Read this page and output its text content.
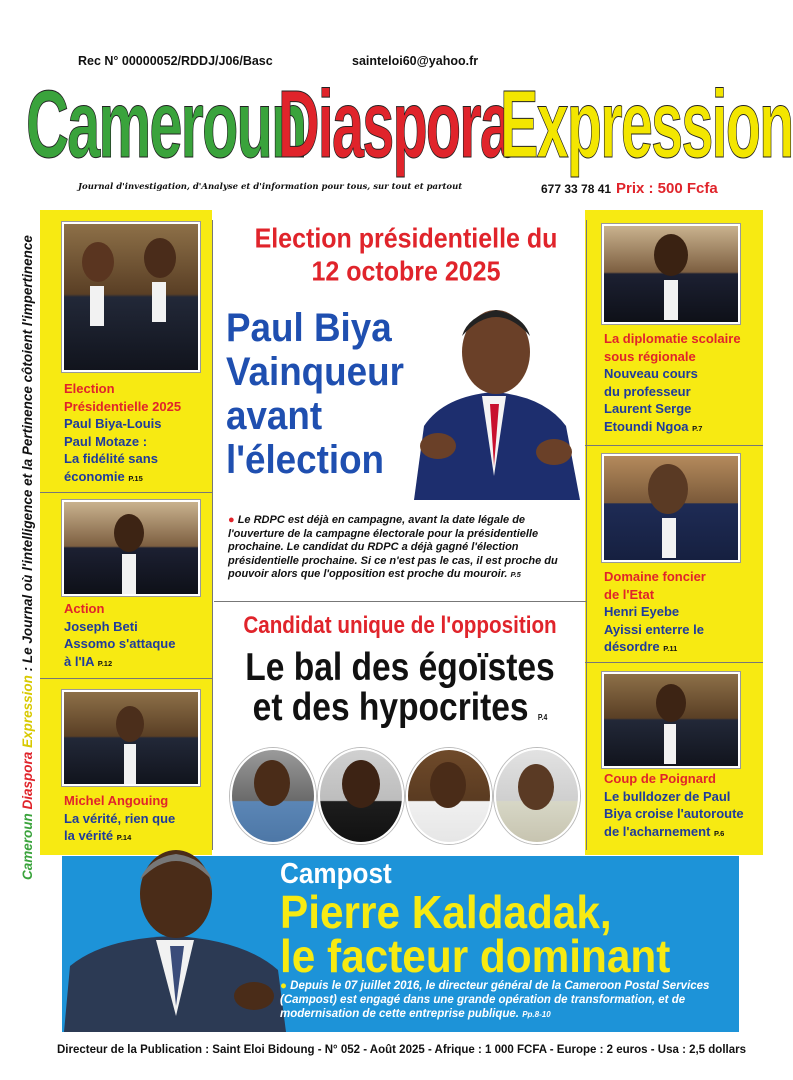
Rec N° 00000052/RDDJ/J06/Basc	sainteloi60@yahoo.fr
Cameroun
Diaspora
Expression
Journal d'investigation, d'Analyse et d'information pour tous, sur tout et partout	677 33 78 41 Prix : 500 Fcfa
Cameroun Diaspora Expression : Le Journal où l'intelligence et la Pertinence côtoient l'impertinence Election
Présidentielle 2025
Paul Biya-Louis
Paul Motaze :
La fidélité sans
économie P.15
Action
Joseph Beti
Assomo s'attaque
à l'IA P.12
Michel Angouing
La vérité, rien que
la vérité P.14
La diplomatie scolaire
sous régionale
Nouveau cours
du professeur
Laurent Serge
Etoundi Ngoa P.7
Domaine foncier
de l'Etat
Henri Eyebe
Ayissi enterre le
désordre P.11
Coup de Poignard
Le bulldozer de Paul
Biya croise l'autoroute
de l'acharnement P.6
Election présidentielle du
12 octobre 2025
Paul Biya
Vainqueur
avant
l'élection
● Le RDPC est déjà en campagne, avant la date légale de l'ouverture de la campagne électorale pour la présidentielle prochaine. Le candidat du RDPC a déjà gagné l'élection présidentielle prochaine. Si ce n'est pas le cas, il est proche du pouvoir alors que l'opposition est proche du mouroir. P.5
Candidat unique de l'opposition
Le bal des égoïstes
et des hypocrites P.4
Campost
Pierre Kaldadak,
le facteur dominant
● Depuis le 07 juillet 2016, le directeur général de la Cameroon Postal Services (Campost) est engagé dans une grande opération de transformation, et de modernisation de cette entreprise publique. Pp.8-10
Directeur de la Publication : Saint Eloi Bidoung - N° 052 - Août 2025 - Afrique : 1 000 FCFA - Europe : 2 euros - Usa : 2,5 dollars
